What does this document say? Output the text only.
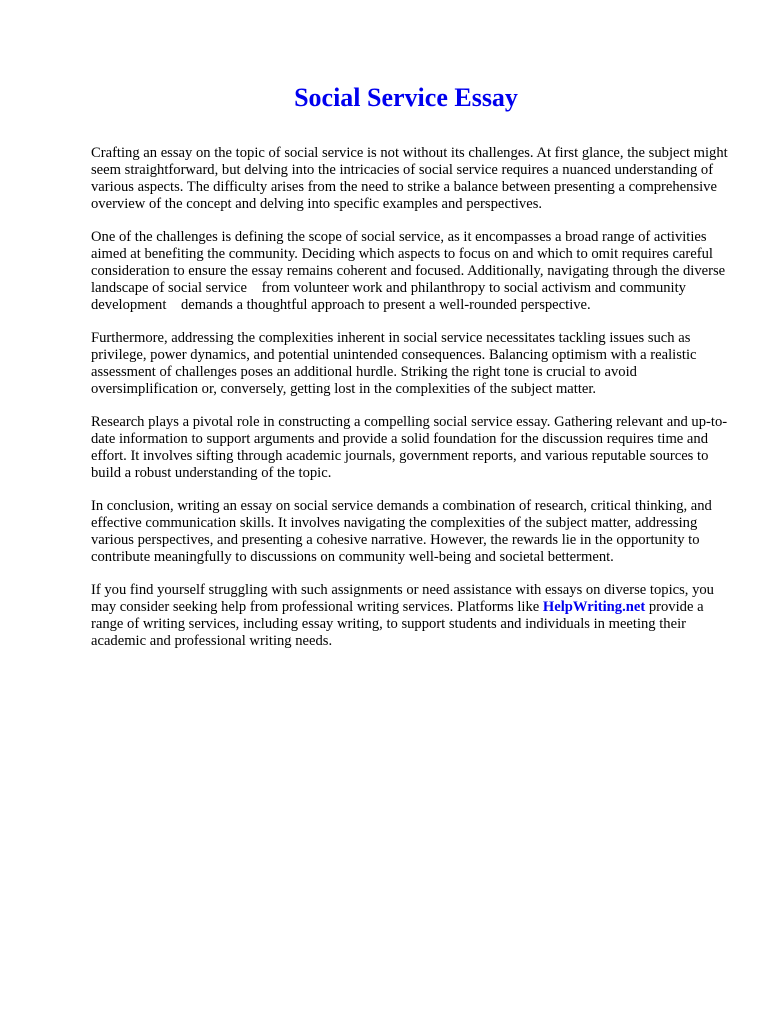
Social Service Essay

Crafting an essay on the topic of social service is not without its challenges. At first glance, the subject might seem straightforward, but delving into the intricacies of social service requires a nuanced understanding of various aspects. The difficulty arises from the need to strike a balance between presenting a comprehensive overview of the concept and delving into specific examples and perspectives.

One of the challenges is defining the scope of social service, as it encompasses a broad range of activities aimed at benefiting the community. Deciding which aspects to focus on and which to omit requires careful consideration to ensure the essay remains coherent and focused. Additionally, navigating through the diverse landscape of social service    from volunteer work and philanthropy to social activism and community development    demands a thoughtful approach to present a well-rounded perspective.

Furthermore, addressing the complexities inherent in social service necessitates tackling issues such as privilege, power dynamics, and potential unintended consequences. Balancing optimism with a realistic assessment of challenges poses an additional hurdle. Striking the right tone is crucial to avoid oversimplification or, conversely, getting lost in the complexities of the subject matter.

Research plays a pivotal role in constructing a compelling social service essay. Gathering relevant and up-to-date information to support arguments and provide a solid foundation for the discussion requires time and effort. It involves sifting through academic journals, government reports, and various reputable sources to build a robust understanding of the topic.

In conclusion, writing an essay on social service demands a combination of research, critical thinking, and effective communication skills. It involves navigating the complexities of the subject matter, addressing various perspectives, and presenting a cohesive narrative. However, the rewards lie in the opportunity to contribute meaningfully to discussions on community well-being and societal betterment.

If you find yourself struggling with such assignments or need assistance with essays on diverse topics, you may consider seeking help from professional writing services. Platforms like HelpWriting.net provide a range of writing services, including essay writing, to support students and individuals in meeting their academic and professional writing needs.
